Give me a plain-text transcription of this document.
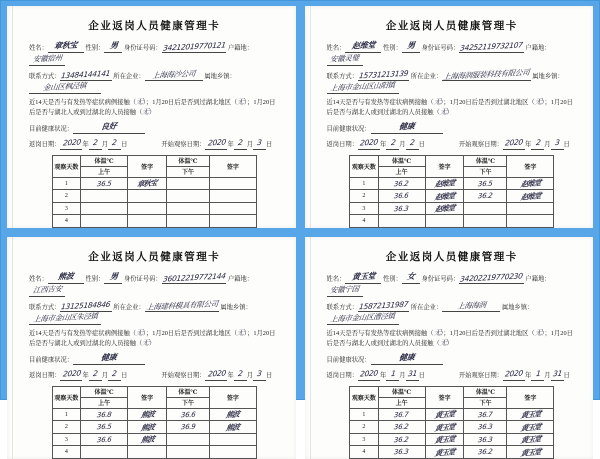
企业返岗人员健康管理卡

姓名： 章秋宝 性别： 男 身份证号码：34212019770121 户籍地：安徽宿州

联系方式：13484144141 所在企业： 上海海沙公司 属地乡镇：金山区枫泾镇

近14天是否与有发热等症状病例接触（无）；1月20日后是否到过湖北地区（无）；1月20日后是否与湖北人或到过湖北的人员接触（无）

目前健康状况：	良好

返岗日期： 2020年 2 月 2 日	开始观察日期： 2020年 2 月 3 日

观察天数	体温℃	签字	体温℃	签字
	上午		下午	
1	36.5	章秋宝		
2				
3				
4				
企业返岗人员健康管理卡

姓名： 赵维堂 性别： 男 身份证号码：34252119732107 户籍地：安徽灵璧

联系方式：15731213139 所在企业：上海海润服装科技有限公司 属地乡镇：上海市金山区山阳镇

近14天是否与有发热等症状病例接触（无）；1月20日后是否到过湖北地区（无）；1月20日后是否与湖北人或到过湖北的人员接触（无）

目前健康状况：	健康

返岗日期： 2020年 2 月 2 日	开始观察日期： 2020年 2 月 3 日

观察天数	体温℃	签字	体温℃	签字
	上午		下午	
1	36.2	赵维堂	36.5	赵维堂
2	36.6	赵维堂	36.2	赵维堂
3	36.3	赵维堂		
4				
企业返岗人员健康管理卡

姓名： 熊波 性别： 男 身份证号码：36012219772144 户籍地：江西吉安

联系方式：13125184846 所在企业：上海建科模具有限公司 属地乡镇：上海市金山区朱泾镇

近14天是否与有发热等症状病例接触（无）；1月20日后是否到过湖北地区（无）；1月20日后是否与湖北人或到过湖北的人员接触（无）

目前健康状况：	健康

返岗日期： 2020年 2 月 2 日	开始观察日期： 2020年 2 月 3 日

观察天数	体温℃	签字	体温℃	签字
	上午		下午	
1	36.8	熊波	36.6	熊波
2	36.5	熊波	36.9	熊波
3	36.6	熊波		
4				
企业返岗人员健康管理卡

姓名： 黄玉堂 性别： 女 身份证号码：34202219770230 户籍地：安徽宁国

联系方式：15872131987 所在企业： 上海海润 属地乡镇：上海市金山区漕泾镇

近14天是否与有发热等症状病例接触（无）；1月20日后是否到过湖北地区（无）；1月20日后是否与湖北人或到过湖北的人员接触（无）

目前健康状况：	健康

返岗日期： 2020年 1 月 31日	开始观察日期： 2020年 1 月 31日

观察天数	体温℃	签字	体温℃	签字
	上午		下午	
1	36.7	黄玉堂	36.7	黄玉堂
2	36.2	黄玉堂	36.3	黄玉堂
3	36.2	黄玉堂	36.3	黄玉堂
4	36.3	黄玉堂	36.2	黄玉堂
